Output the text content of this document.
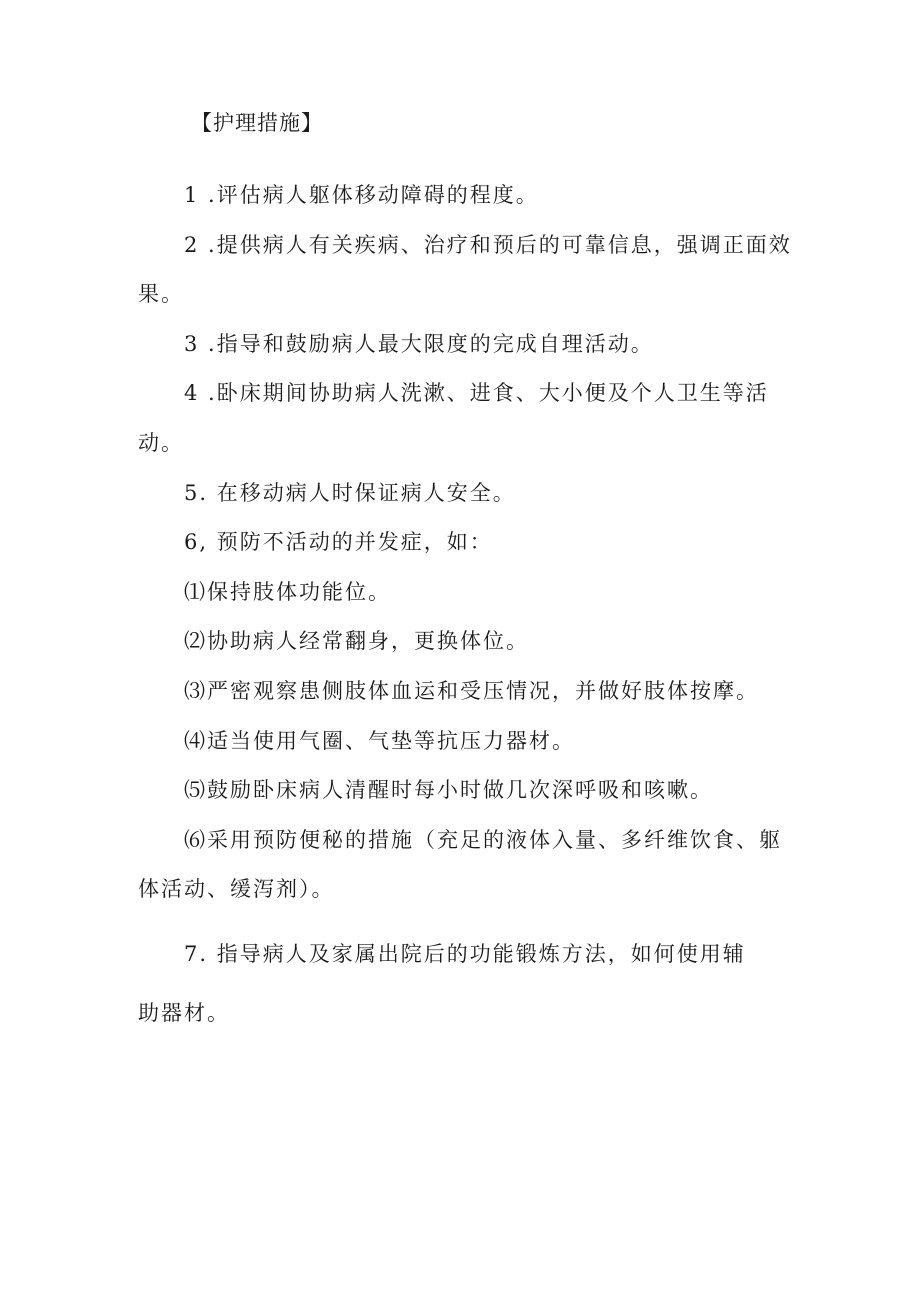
【护理措施】

1 .评估病人躯体移动障碍的程度。

2 .提供病人有关疾病、治疗和预后的可靠信息，强调正面效果。

3 .指导和鼓励病人最大限度的完成自理活动。

4 .卧床期间协助病人洗漱、进食、大小便及个人卫生等活动。

5. 在移动病人时保证病人安全。

6, 预防不活动的并发症，如：

⑴保持肢体功能位。

⑵协助病人经常翻身，更换体位。

⑶严密观察患侧肢体血运和受压情况，并做好肢体按摩。

⑷适当使用气圈、气垫等抗压力器材。

⑸鼓励卧床病人清醒时每小时做几次深呼吸和咳嗽。

⑹采用预防便秘的措施（充足的液体入量、多纤维饮食、躯体活动、缓泻剂）。

7. 指导病人及家属出院后的功能锻炼方法，如何使用辅
助器材。
